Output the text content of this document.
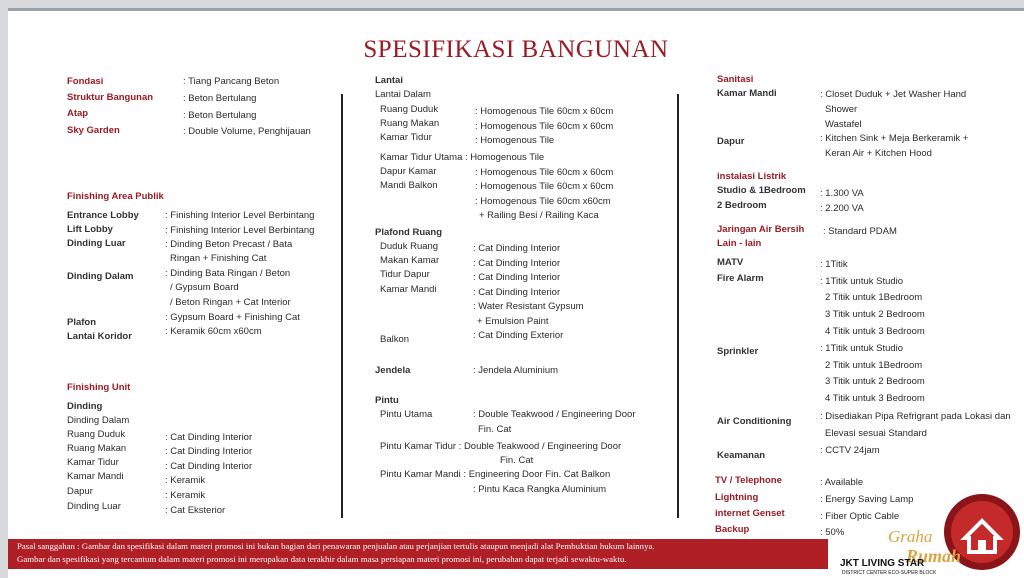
SPESIFIKASI BANGUNAN
Fondasi	: Tiang Pancang Beton
Struktur Bangunan	: Beton Bertulang
Atap	: Beton Bertulang
Sky Garden	: Double Volume, Penghijauan
Finishing Area Publik
Entrance Lobby	: Finishing Interior Level Berbintang
Lift Lobby	: Finishing Interior Level Berbintang
Dinding Luar	: Dinding Beton Precast / Bata
Ringan + Finishing Cat
Dinding Dalam	: Dinding Bata Ringan / Beton
/ Gypsum Board
/ Beton Ringan + Cat Interior
Plafon	: Gypsum Board + Finishing Cat
Lantai Koridor	: Keramik 60cm x60cm
Finishing Unit
Dinding
Dinding Dalam
Ruang Duduk	: Cat Dinding Interior
Ruang Makan	: Cat Dinding Interior
Kamar Tidur	: Cat Dinding Interior
Kamar Mandi	: Keramik
Dapur	: Keramik
Dinding Luar	: Cat Eksterior
Lantai
Lantai Dalam
Ruang Duduk	: Homogenous Tile 60cm x 60cm
Ruang Makan	: Homogenous Tile 60cm x 60cm
Kamar Tidur	: Homogenous Tile
Kamar Tidur Utama : Homogenous Tile
Dapur Kamar	: Homogenous Tile 60cm x 60cm
Mandi Balkon	: Homogenous Tile 60cm x 60cm
: Homogenous Tile 60cm x60cm
+ Railing Besi / Railing Kaca
Plafond Ruang
Duduk Ruang	: Cat Dinding Interior
Makan Kamar	: Cat Dinding Interior
Tidur Dapur	: Cat Dinding Interior
Kamar Mandi	: Cat Dinding Interior
: Water Resistant Gypsum
+ Emulsion Paint
Balkon	: Cat Dinding Exterior
Jendela	: Jendela Aluminium
Pintu
Pintu Utama	: Double Teakwood / Engineering Door
Fin. Cat
Pintu Kamar Tidur : Double Teakwood / Engineering Door
Fin. Cat
Pintu Kamar Mandi : Engineering Door Fin. Cat Balkon
: Pintu Kaca Rangka Aluminium
Sanitasi
Kamar Mandi	: Closet Duduk + Jet Washer Hand
Shower
Wastafel
Dapur	: Kitchen Sink + Meja Berkeramik +
Keran Air + Kitchen Hood
instalasi Listrik
Studio & 1Bedroom : 1.300 VA
2 Bedroom	: 2.200 VA
Jaringan Air Bersih
Lain - lain
: Standard PDAM
MATV	: 1Titik
Fire Alarm	: 1Titik untuk Studio
2 Titik untuk 1Bedroom
3 Titik untuk 2 Bedroom
4 Titik untuk 3 Bedroom
Sprinkler	: 1Titik untuk Studio
2 Titik untuk 1Bedroom
3 Titik untuk 2 Bedroom
4 Titik untuk 3 Bedroom
Air Conditioning	: Disediakan Pipa Refrigrant pada Lokasi dan
Elevasi sesuai Standard
Keamanan	: CCTV 24jam
TV / Telephone	: Available
Lightning	: Energy Saving Lamp
internet Genset	: Fiber Optic Cable
Backup	: 50%
Pasal sanggahan : Gambar dan spesifikasi dalam materi promosi ini bukan bagian dari penawaran penjualan atau perjanjian tertulis ataupun menjadi alat Pembuktian hukum lainnya.
Gambar dan spesifikasi yang tercantum dalam materi promosi ini merupakan data terakhir dalam masa persiapan materi promosi ini, perubahan dapat terjadi sewaktu-waktu.
Graha
Rumah
JKT LIVING STAR
DISTRICT CENTER ECO-SUPER BLOCK
